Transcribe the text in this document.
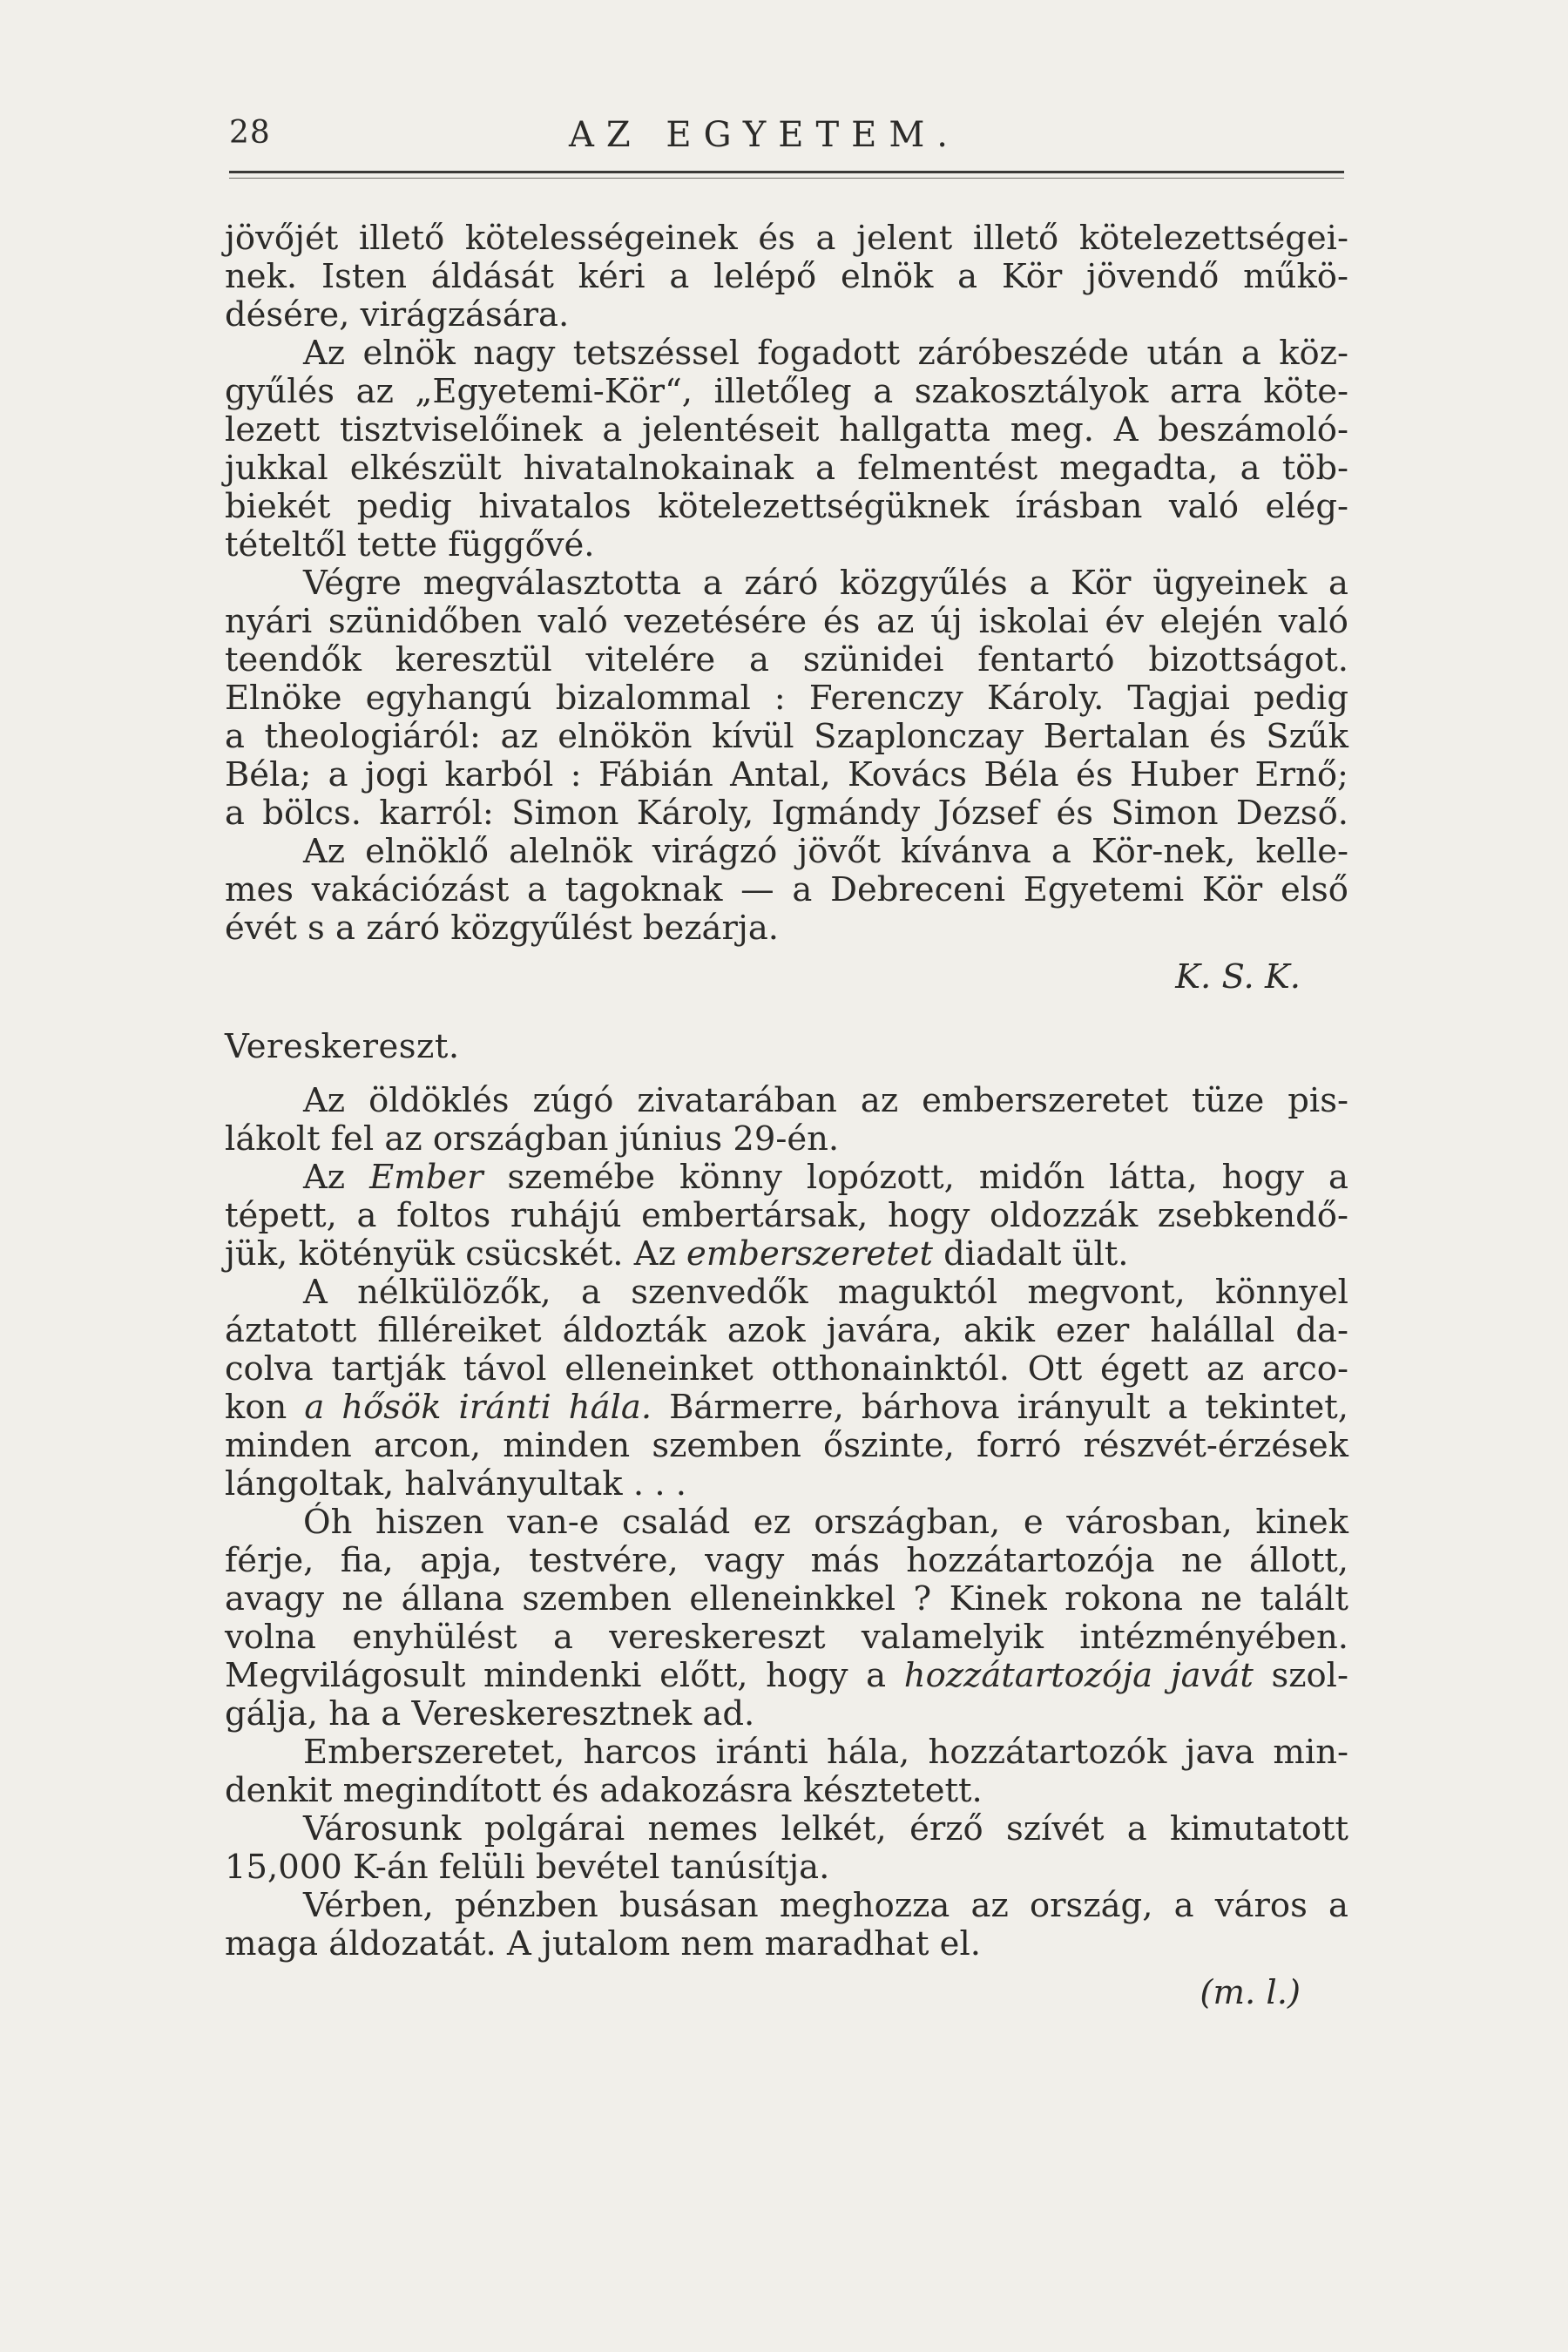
28	AZ EGYETEM.
jövőjét illető kötelességeinek és a jelent illető kötelezettségei-
nek. Isten áldását kéri a lelépő elnök a Kör jövendő műkö-
désére, virágzására.
Az elnök nagy tetszéssel fogadott záróbeszéde után a köz-
gyűlés az „Egyetemi-Kör“, illetőleg a szakosztályok arra köte-
lezett tisztviselőinek a jelentéseit hallgatta meg. A beszámoló-
jukkal elkészült hivatalnokainak a felmentést megadta, a töb-
biekét pedig hivatalos kötelezettségüknek írásban való elég-
tételtől tette függővé.
Végre megválasztotta a záró közgyűlés a Kör ügyeinek a
nyári szünidőben való vezetésére és az új iskolai év elején való
teendők keresztül vitelére a szünidei fentartó bizottságot.
Elnöke egyhangú bizalommal : Ferenczy Károly. Tagjai pedig
a theologiáról: az elnökön kívül Szaplonczay Bertalan és Szűk
Béla; a jogi karból : Fábián Antal, Kovács Béla és Huber Ernő;
a bölcs. karról: Simon Károly, Igmándy József és Simon Dezső.
Az elnöklő alelnök virágzó jövőt kívánva a Kör-nek, kelle-
mes vakációzást a tagoknak — a Debreceni Egyetemi Kör első
évét s a záró közgyűlést bezárja.
K. S. K.
Vereskereszt.
Az öldöklés zúgó zivatarában az emberszeretet tüze pis-
lákolt fel az országban június 29-én.
Az Ember szemébe könny lopózott, midőn látta, hogy a
tépett, a foltos ruhájú embertársak, hogy oldozzák zsebkendő-
jük, kötényük csücskét. Az emberszeretet diadalt ült.
A nélkülözők, a szenvedők maguktól megvont, könnyel
áztatott filléreiket áldozták azok javára, akik ezer halállal da-
colva tartják távol elleneinket otthonainktól. Ott égett az arco-
kon a hősök iránti hála. Bármerre, bárhova irányult a tekintet,
minden arcon, minden szemben őszinte, forró részvét-érzések
lángoltak, halványultak . . .
Óh hiszen van-e család ez országban, e városban, kinek
férje, fia, apja, testvére, vagy más hozzátartozója ne állott,
avagy ne állana szemben elleneinkkel ? Kinek rokona ne talált
volna enyhülést a vereskereszt valamelyik intézményében.
Megvilágosult mindenki előtt, hogy a hozzátartozója javát szol-
gálja, ha a Vereskeresztnek ad.
Emberszeretet, harcos iránti hála, hozzátartozók java min-
denkit megindított és adakozásra késztetett.
Városunk polgárai nemes lelkét, érző szívét a kimutatott
15,000 K-án felüli bevétel tanúsítja.
Vérben, pénzben busásan meghozza az ország, a város a
maga áldozatát. A jutalom nem maradhat el.
(m. l.)
